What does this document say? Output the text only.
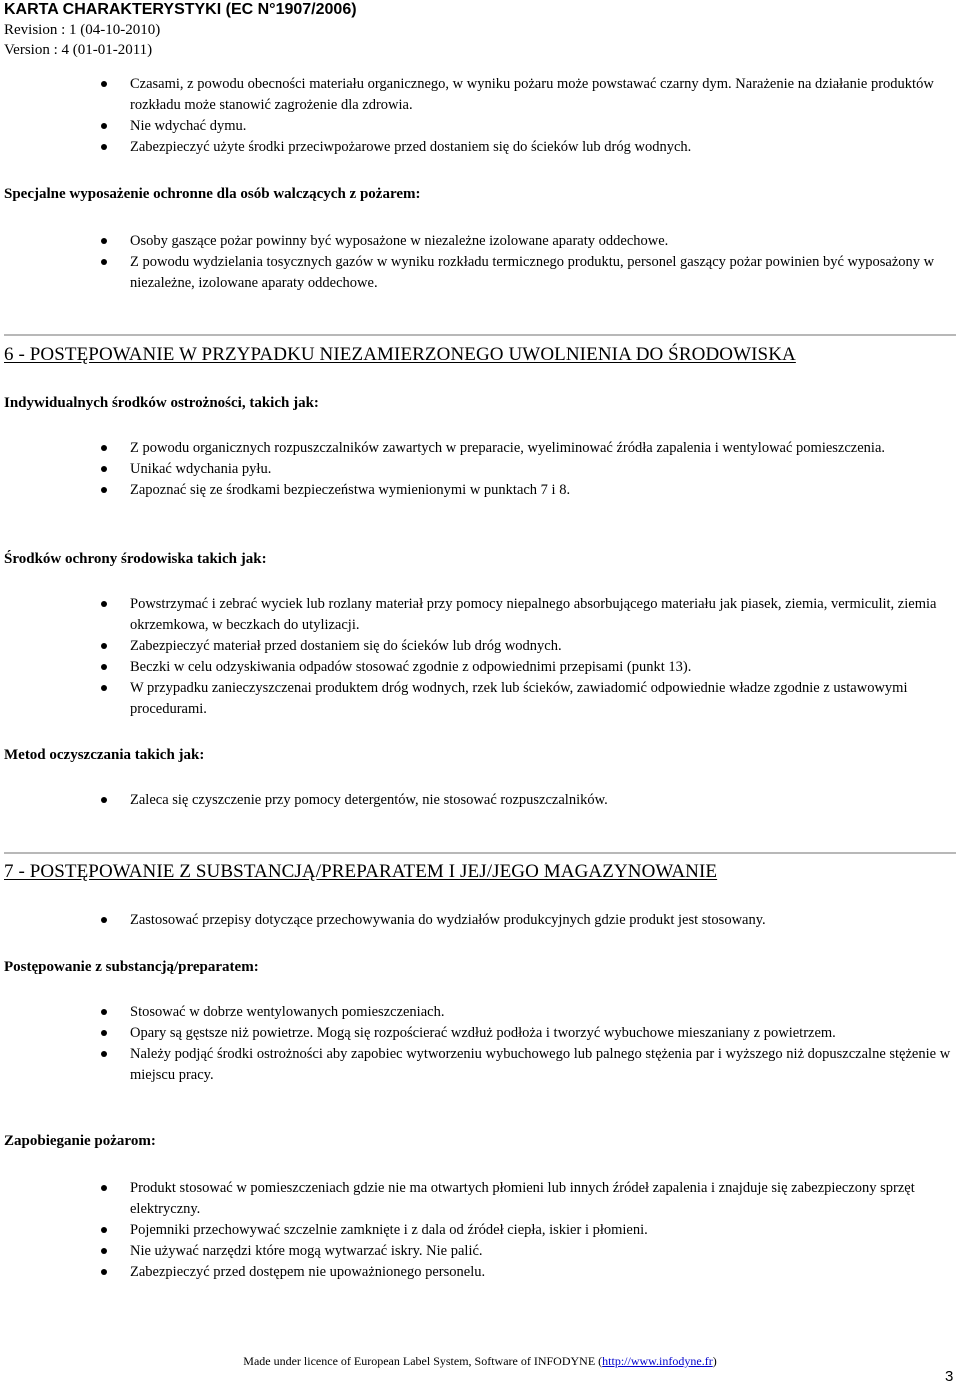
KARTA CHARAKTERYSTYKI (EC N°1907/2006)
Revision : 1 (04-10-2010)
Version : 4 (01-01-2011)
Czasami, z powodu obecności materiału organicznego, w wyniku pożaru może powstawać czarny dym. Narażenie na działanie produktów rozkładu może stanowić zagrożenie dla zdrowia.
Nie wdychać dymu.
Zabezpieczyć użyte środki przeciwpożarowe przed dostaniem się do ścieków lub dróg wodnych.
Specjalne wyposażenie ochronne dla osób walczących z pożarem:
Osoby gaszące pożar powinny być wyposażone w niezależne izolowane aparaty oddechowe.
Z powodu wydzielania tosycznych gazów w wyniku rozkładu termicznego produktu, personel gaszący pożar powinien być wyposażony w niezależne, izolowane aparaty oddechowe.
6 - POSTĘPOWANIE W PRZYPADKU NIEZAMIERZONEGO UWOLNIENIA DO ŚRODOWISKA
Indywidualnych środków ostrożności, takich jak:
Z powodu organicznych rozpuszczalników zawartych w preparacie, wyeliminować źródła zapalenia i wentylować pomieszczenia.
Unikać wdychania pyłu.
Zapoznać się ze środkami bezpieczeństwa wymienionymi w punktach 7 i 8.
Środków ochrony środowiska takich jak:
Powstrzymać i zebrać wyciek lub rozlany materiał przy pomocy niepalnego absorbującego materiału jak piasek, ziemia, vermiculit, ziemia okrzemkowa, w beczkach do utylizacji.
Zabezpieczyć materiał przed dostaniem się do ścieków lub dróg wodnych.
Beczki w celu odzyskiwania odpadów stosować zgodnie z odpowiednimi przepisami (punkt 13).
W przypadku zanieczyszczenai produktem dróg wodnych, rzek lub ścieków, zawiadomić odpowiednie władze zgodnie z ustawowymi procedurami.
Metod oczyszczania takich jak:
Zaleca się czyszczenie przy pomocy detergentów, nie stosować rozpuszczalników.
7 - POSTĘPOWANIE Z SUBSTANCJĄ/PREPARATEM I JEJ/JEGO MAGAZYNOWANIE
Zastosować przepisy dotyczące przechowywania do wydziałów produkcyjnych gdzie produkt jest stosowany.
Postępowanie z substancją/preparatem:
Stosować w dobrze wentylowanych pomieszczeniach.
Opary są gęstsze niż powietrze. Mogą się rozpościerać wzdłuż podłoża i tworzyć wybuchowe mieszaniany z powietrzem.
Należy podjąć środki ostrożności aby zapobiec wytworzeniu wybuchowego lub palnego stężenia par i wyższego niż dopuszczalne stężenie w miejscu pracy.
Zapobieganie pożarom:
Produkt stosować w pomieszczeniach gdzie nie ma otwartych płomieni lub innych źródeł zapalenia i znajduje się zabezpieczony sprzęt elektryczny.
Pojemniki przechowywać szczelnie zamknięte i z dala od źródeł ciepła, iskier i płomieni.
Nie używać narzędzi które mogą wytwarzać iskry. Nie palić.
Zabezpieczyć przed dostępem nie upoważnionego personelu.
Made under licence of European Label System, Software of INFODYNE (http://www.infodyne.fr)
3
